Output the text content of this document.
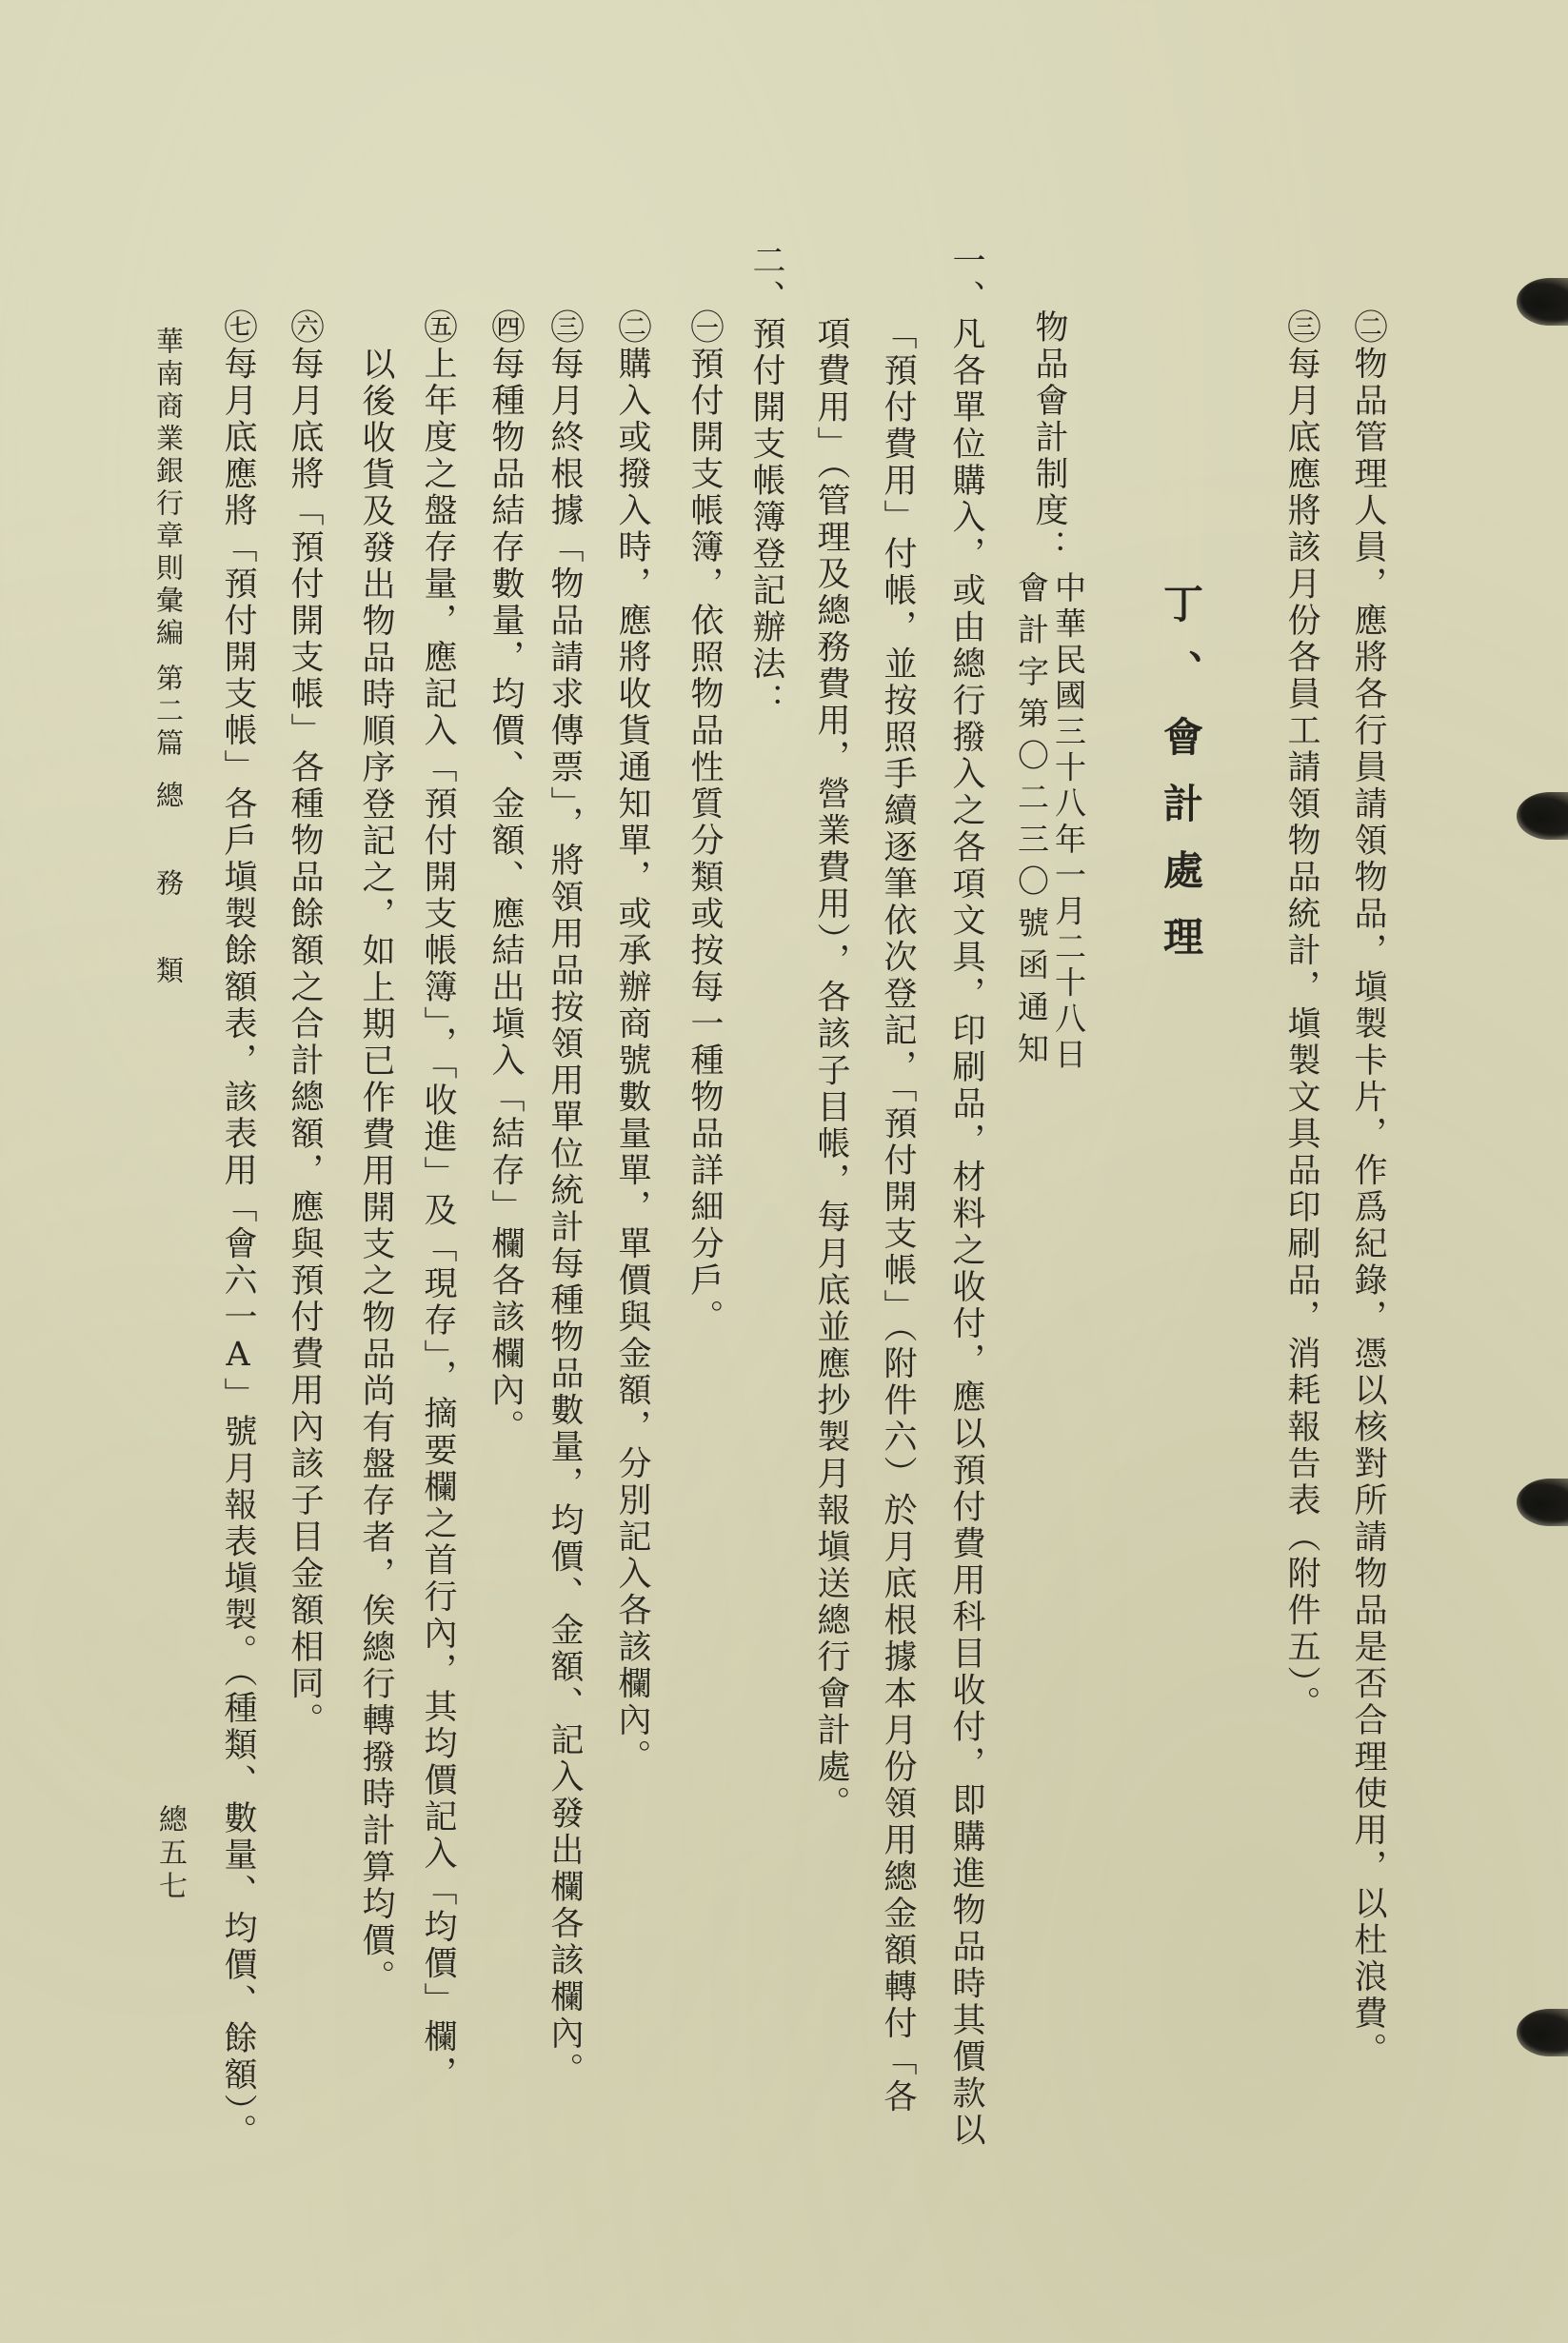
㊁物品管理人員，應將各行員請領物品，塡製卡片，作爲紀錄，憑以核對所請物品是否合理使用，以杜浪費。
㊂每月底應將該月份各員工請領物品統計，塡製文具品印刷品，消耗報告表（附件五）。
丁、會計處理
物品會計制度：
中華民國三十八年一月二十八日
會計字第〇二三〇號函通知
一、凡各單位購入，或由總行撥入之各項文具，印刷品，材料之收付，應以預付費用科目收付，即購進物品時其價款以
「預付費用」付帳，並按照手續逐筆依次登記，「預付開支帳」（附件六）於月底根據本月份領用總金額轉付「各
項費用」（管理及總務費用，營業費用），各該子目帳，每月底並應抄製月報塡送總行會計處。
二、預付開支帳簿登記辦法：
㊀預付開支帳簿，依照物品性質分類或按每一種物品詳細分戶。
㊁購入或撥入時，應將收貨通知單，或承辦商號數量單，單價與金額，分別記入各該欄內。
㊂每月終根據「物品請求傳票」，將領用品按領用單位統計每種物品數量，均價、金額、記入發出欄各該欄內。
㊃每種物品結存數量，均價、金額、應結出塡入「結存」欄各該欄內。
㊄上年度之盤存量，應記入「預付開支帳簿」，「收進」及「現存」，摘要欄之首行內，其均價記入「均價」欄，
以後收貨及發出物品時順序登記之，如上期已作費用開支之物品尚有盤存者，俟總行轉撥時計算均價。
㊅每月底將「預付開支帳」各種物品餘額之合計總額，應與預付費用內該子目金額相同。
㊆每月底應將「預付開支帳」各戶塡製餘額表，該表用「會六一A」號月報表塡製。（種類、數量、均價、餘額）。
華南商業銀行章則彙編
第二篇
總務類
總五七
